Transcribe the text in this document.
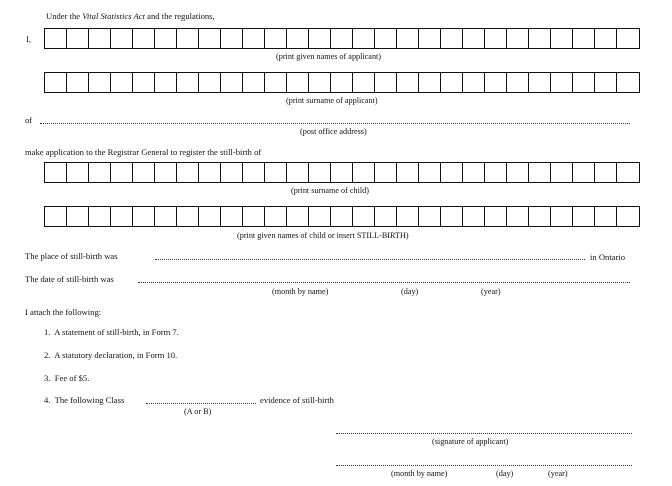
Under the Vital Statistics Act and the regulations,
I,
(print given names of applicant)
(print surname of applicant)
of
(post office address)
make application to the Registrar General to register the still-birth of
(print surname of child)
(print given names of child or insert STILL-BIRTH)
The place of still-birth was	in Ontario
The date of still-birth was
(month by name)	(day)	(year)
I attach the following:
1. A statement of still-birth, in Form 7.
2. A statutory declaration, in Form 10.
3. Fee of $5.
4. The following Class	evidence of still-birth
(A or B)
(signature of applicant)
(month by name)	(day)	(year)
